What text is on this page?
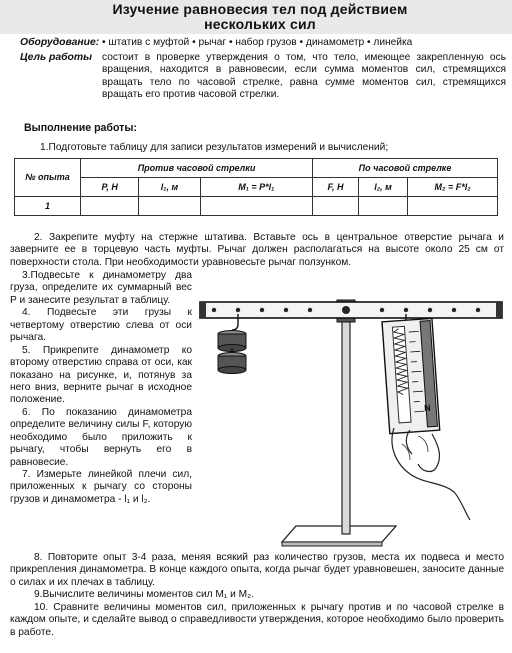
Изучение равновесия тел под действием
нескольких сил
Оборудование: • штатив с муфтой • рычаг • набор грузов • динамометр • линейка
Цель работы состоит в проверке утверждения о том, что тело, имеющее закрепленную ось вращения, находится в равновесии, если сумма моментов сил, стремящихся вращать тело по часовой стрелке, равна сумме моментов сил, стремящихся вращать его против часовой стрелки.
Выполнение работы:
1.Подготовьте таблицу для записи результатов измерений и вычислений;
№ опыта	Против часовой стрелки			По часовой стрелке		
	P, H	l₁, м	M₁ = P*l₁	F, H	l₂, м	M₂ = F*l₂
1						
2. Закрепите муфту на стержне штатива. Вставьте ось в центральное отверстие рычага и заверните ее в торцевую часть муфты. Рычаг должен располагаться на высоте около 25 см от поверхности стола. При необходимости уравновесьте рычаг ползунком.

3.Подвесьте к динамометру два груза, определите их суммарный вес P и занесите результат в таблицу.

4. Подвесьте эти грузы к четвертому отверстию слева от оси рычага.

5. Прикрепите динамометр ко второму отверстию справа от оси, как показано на рисунке, и, потянув за него вниз, верните рычаг в исходное положение.

6. По показанию динамометра определите величину силы F, которую необходимо было приложить к рычагу, чтобы вернуть его в равновесие.

7. Измерьте линейкой плечи сил, приложенных к рычагу со стороны грузов и динамометра - l₁ и l₂.

N

8. Повторите опыт 3-4 раза, меняя всякий раз количество грузов, места их подвеса и место прикрепления динамометра. В конце каждого опыта, когда рычаг будет уравновешен, заносите данные о силах и их плечах в таблицу.

9.Вычислите величины моментов сил M₁ и M₂.

10. Сравните величины моментов сил, приложенных к рычагу против и по часовой стрелке в каждом опыте, и сделайте вывод о справедливости утверждения, которое необходимо было проверить в работе.
